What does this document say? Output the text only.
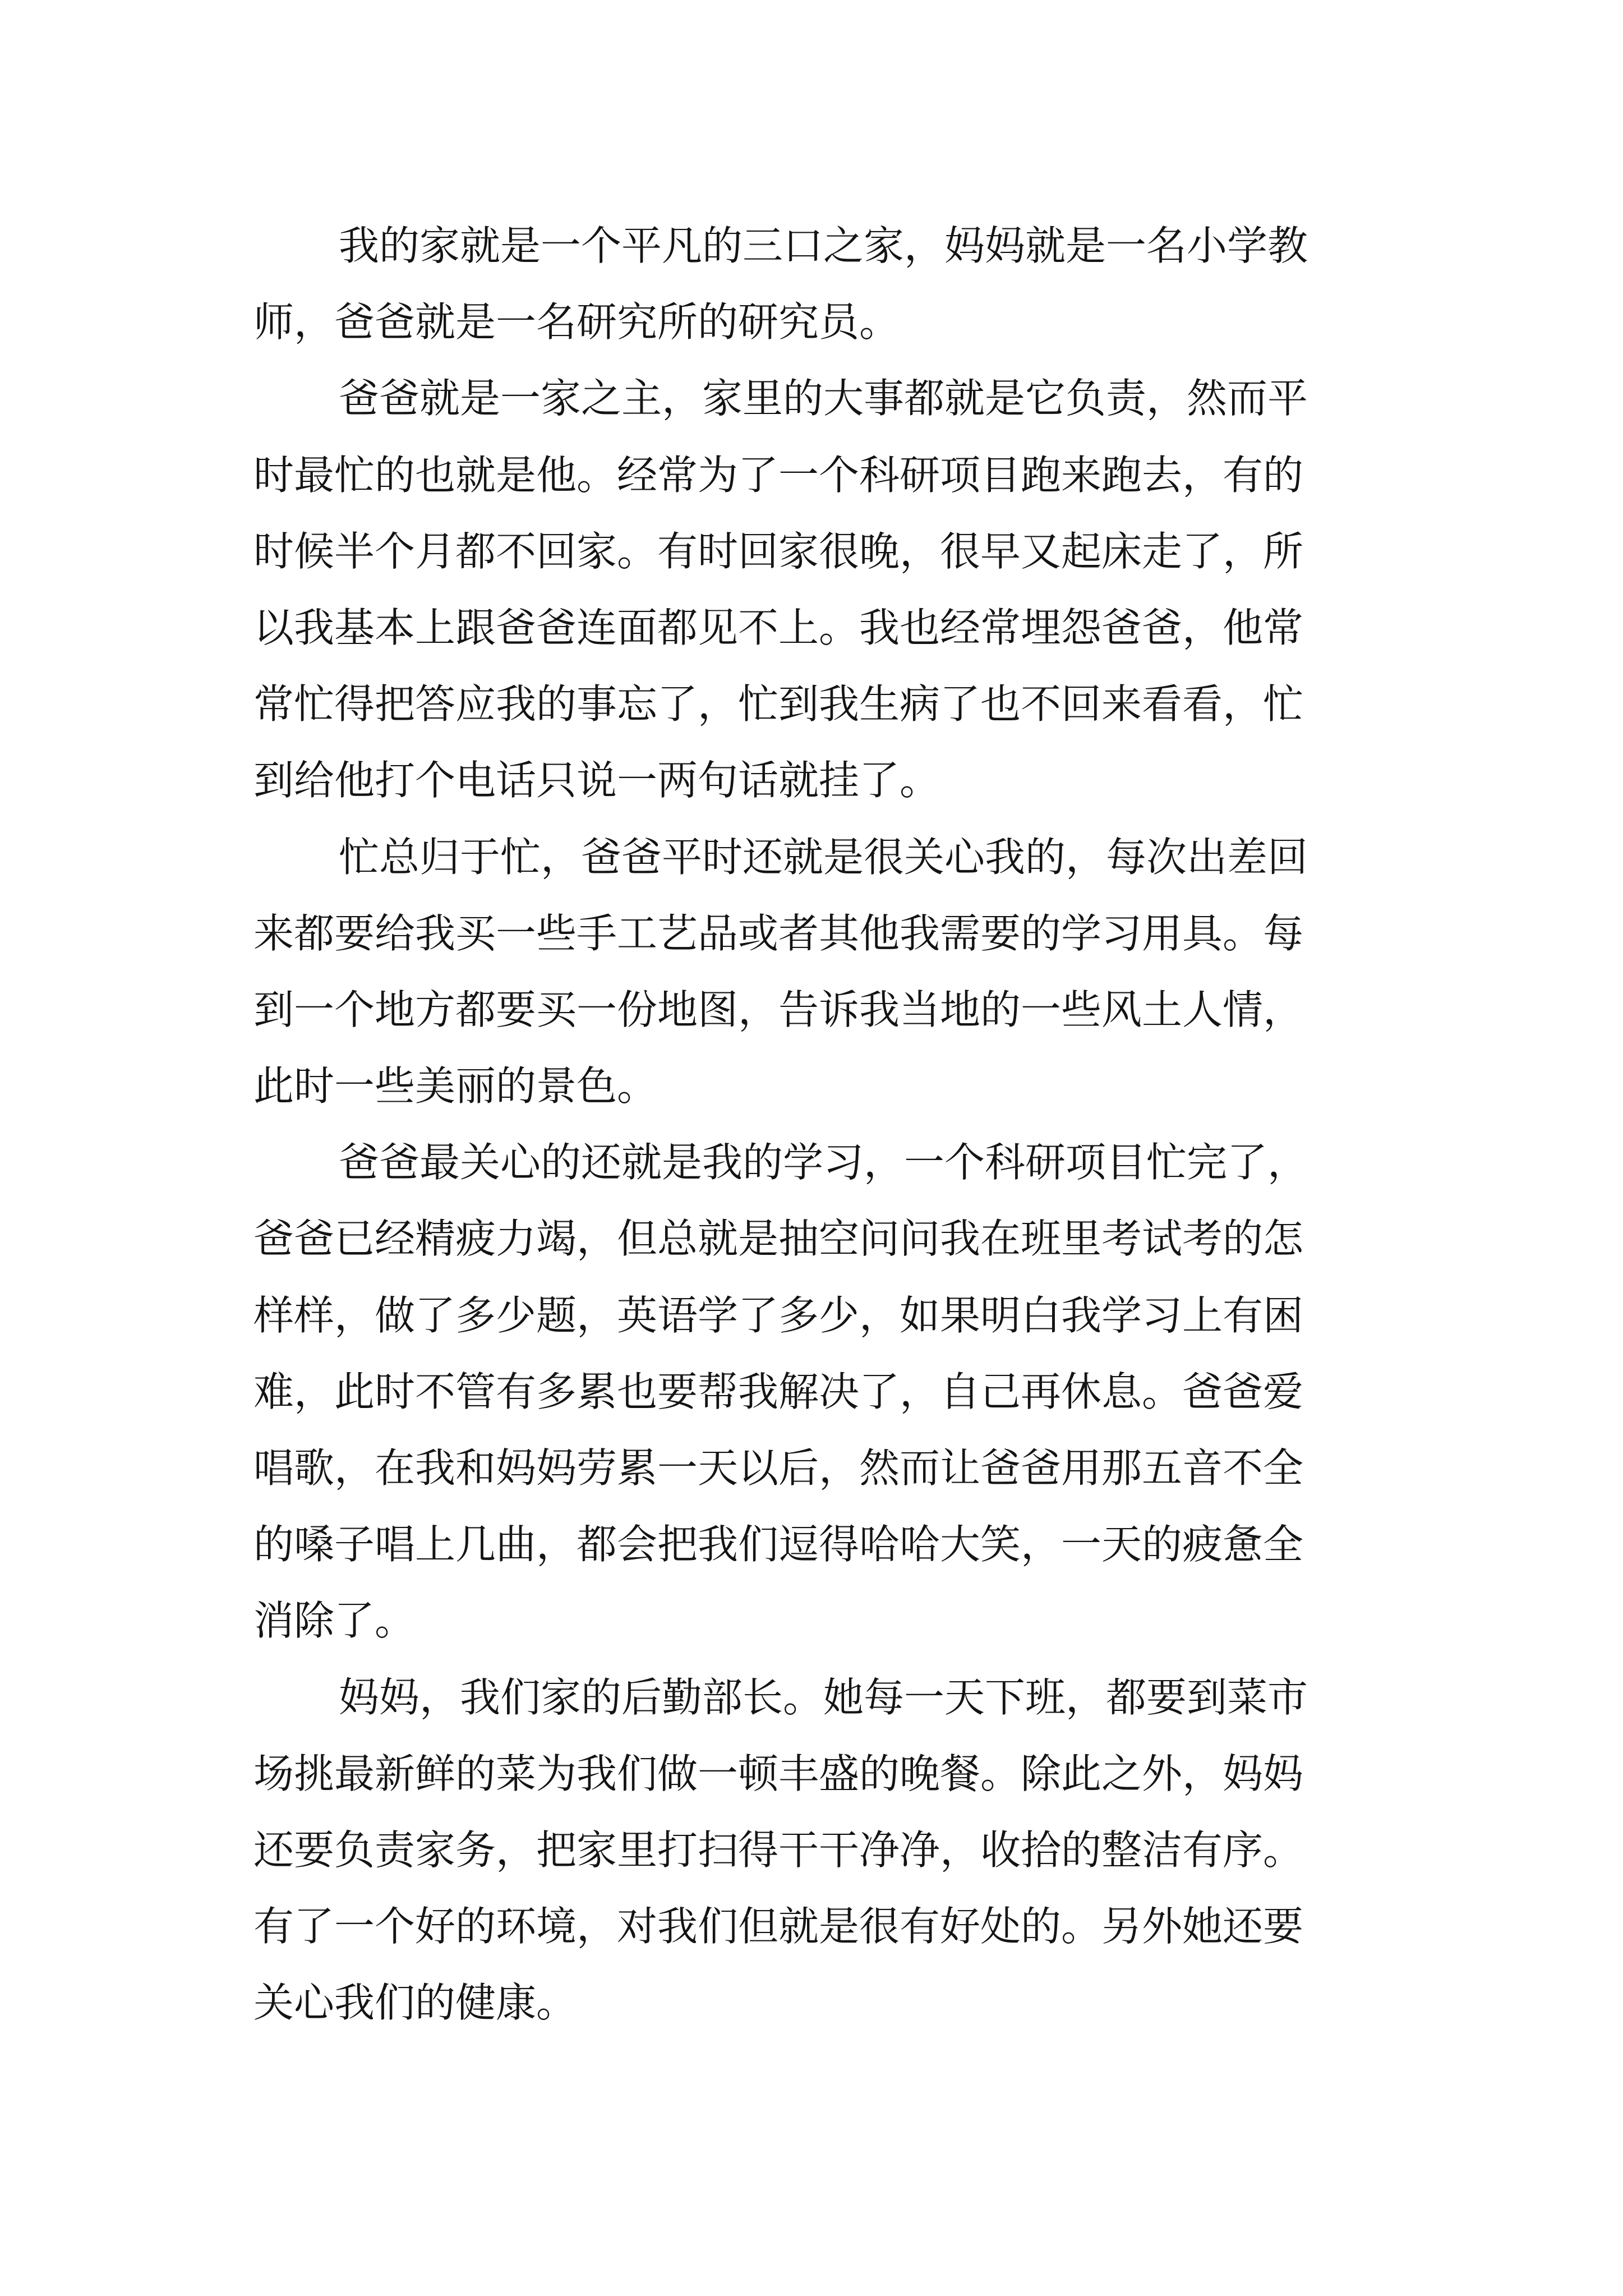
我的家就是一个平凡的三口之家，妈妈就是一名小学教
师，爸爸就是一名研究所的研究员。
爸爸就是一家之主，家里的大事都就是它负责，然而平
时最忙的也就是他。经常为了一个科研项目跑来跑去，有的
时候半个月都不回家。有时回家很晚，很早又起床走了，所
以我基本上跟爸爸连面都见不上。我也经常埋怨爸爸，他常
常忙得把答应我的事忘了，忙到我生病了也不回来看看，忙
到给他打个电话只说一两句话就挂了。
忙总归于忙，爸爸平时还就是很关心我的，每次出差回
来都要给我买一些手工艺品或者其他我需要的学习用具。每
到一个地方都要买一份地图，告诉我当地的一些风土人情，
此时一些美丽的景色。
爸爸最关心的还就是我的学习，一个科研项目忙完了，
爸爸已经精疲力竭，但总就是抽空问问我在班里考试考的怎
样样，做了多少题，英语学了多少，如果明白我学习上有困
难，此时不管有多累也要帮我解决了，自己再休息。爸爸爱
唱歌，在我和妈妈劳累一天以后，然而让爸爸用那五音不全
的嗓子唱上几曲，都会把我们逗得哈哈大笑，一天的疲惫全
消除了。
妈妈，我们家的后勤部长。她每一天下班，都要到菜市
场挑最新鲜的菜为我们做一顿丰盛的晚餐。除此之外，妈妈
还要负责家务，把家里打扫得干干净净，收拾的整洁有序。
有了一个好的环境，对我们但就是很有好处的。另外她还要
关心我们的健康。
